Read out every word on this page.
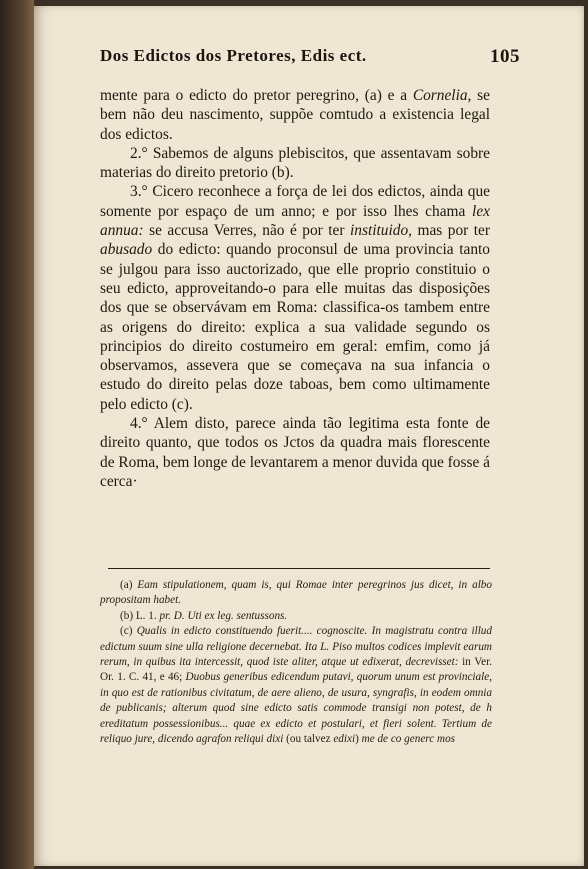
Dos Edictos dos Pretores, Edis ect.	105

mente para o edicto do pretor peregrino, (a) e a Cornelia, se bem não deu nascimento, suppõe comtudo a existencia legal dos edictos.

2.° Sabemos de alguns plebiscitos, que assentavam sobre materias do direito pretorio (b).

3.° Cicero reconhece a força de lei dos edictos, ainda que somente por espaço de um anno; e por isso lhes chama lex annua: se accusa Verres, não é por ter instituido, mas por ter abusado do edicto: quando proconsul de uma provincia tanto se julgou para isso auctorizado, que elle proprio constituio o seu edicto, approveitando-o para elle muitas das disposições dos que se observávam em Roma: classifica-os tambem entre as origens do direito: explica a sua validade segundo os principios do direito costumeiro em geral: emfim, como já observamos, assevera que se começava na sua infancia o estudo do direito pelas doze taboas, bem como ultimamente pelo edicto (c).

4.° Alem disto, parece ainda tão legitima esta fonte de direito quanto, que todos os Jctos da quadra mais florescente de Roma, bem longe de levantarem a menor duvida que fosse á cerca·

(a) Eam stipulationem, quam is, qui Romae inter peregrinos jus dicet, in albo propositam habet.

(b) L. 1. pr. D. Uti ex leg. sentussons.

(c) Qualis in edicto constituendo fuerit.... cognoscite. In magistratu contra illud edictum suum sine ulla religione decernebat. Ita L. Piso multos codices implevit earum rerum, in quibus ita intercessit, quod iste aliter, atque ut edixerat, decrevisset: in Ver. Or. 1. C. 41, e 46; Duobus generibus edicendum putavi, quorum unum est provinciale, in quo est de rationibus civitatum, de aere alieno, de usura, syngrafis, in eodem omnia de publicanis; alterum quod sine edicto satis commode transigi non potest, de h ereditatum possessionibus... quae ex edicto et postulari, et fieri solent. Tertium de reliquo jure, dicendo agrafon reliqui dixi (ou talvez edixi) me de co generc mos
